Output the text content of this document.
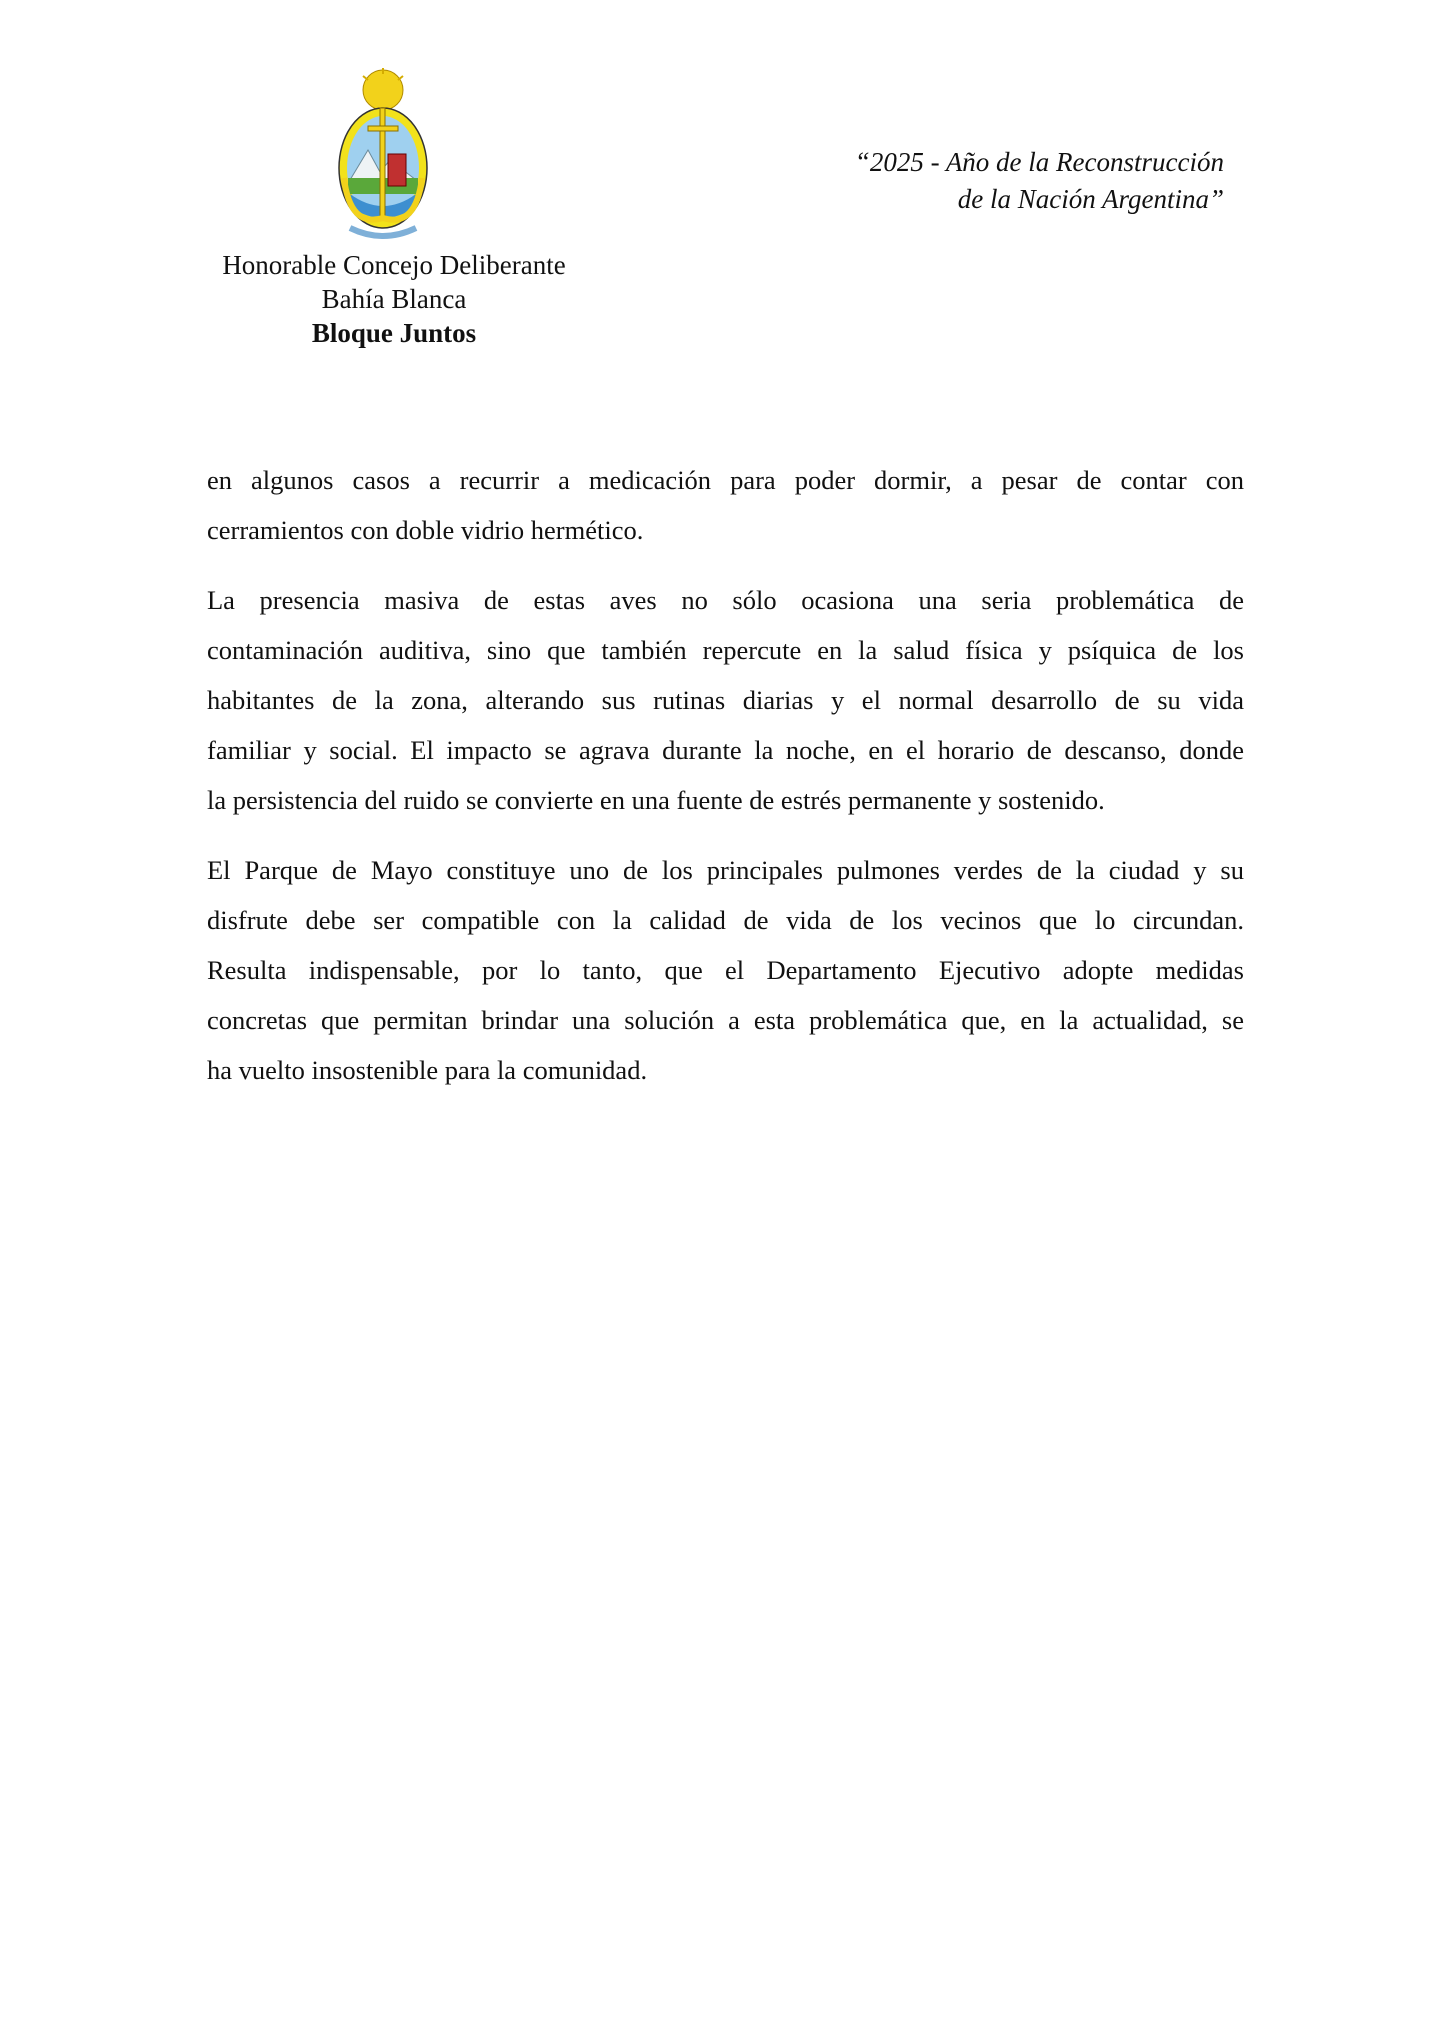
Honorable Concejo Deliberante
Bahía Blanca
Bloque Juntos
“2025 - Año de la Reconstrucción
de la Nación Argentina”
en algunos casos a recurrir a medicación para poder dormir, a pesar de contar con
cerramientos con doble vidrio hermético.
La presencia masiva de estas aves no sólo ocasiona una seria problemática de
contaminación auditiva, sino que también repercute en la salud física y psíquica de los
habitantes de la zona, alterando sus rutinas diarias y el normal desarrollo de su vida
familiar y social. El impacto se agrava durante la noche, en el horario de descanso, donde
la persistencia del ruido se convierte en una fuente de estrés permanente y sostenido.
El Parque de Mayo constituye uno de los principales pulmones verdes de la ciudad y su
disfrute debe ser compatible con la calidad de vida de los vecinos que lo circundan.
Resulta indispensable, por lo tanto, que el Departamento Ejecutivo adopte medidas
concretas que permitan brindar una solución a esta problemática que, en la actualidad, se
ha vuelto insostenible para la comunidad.
